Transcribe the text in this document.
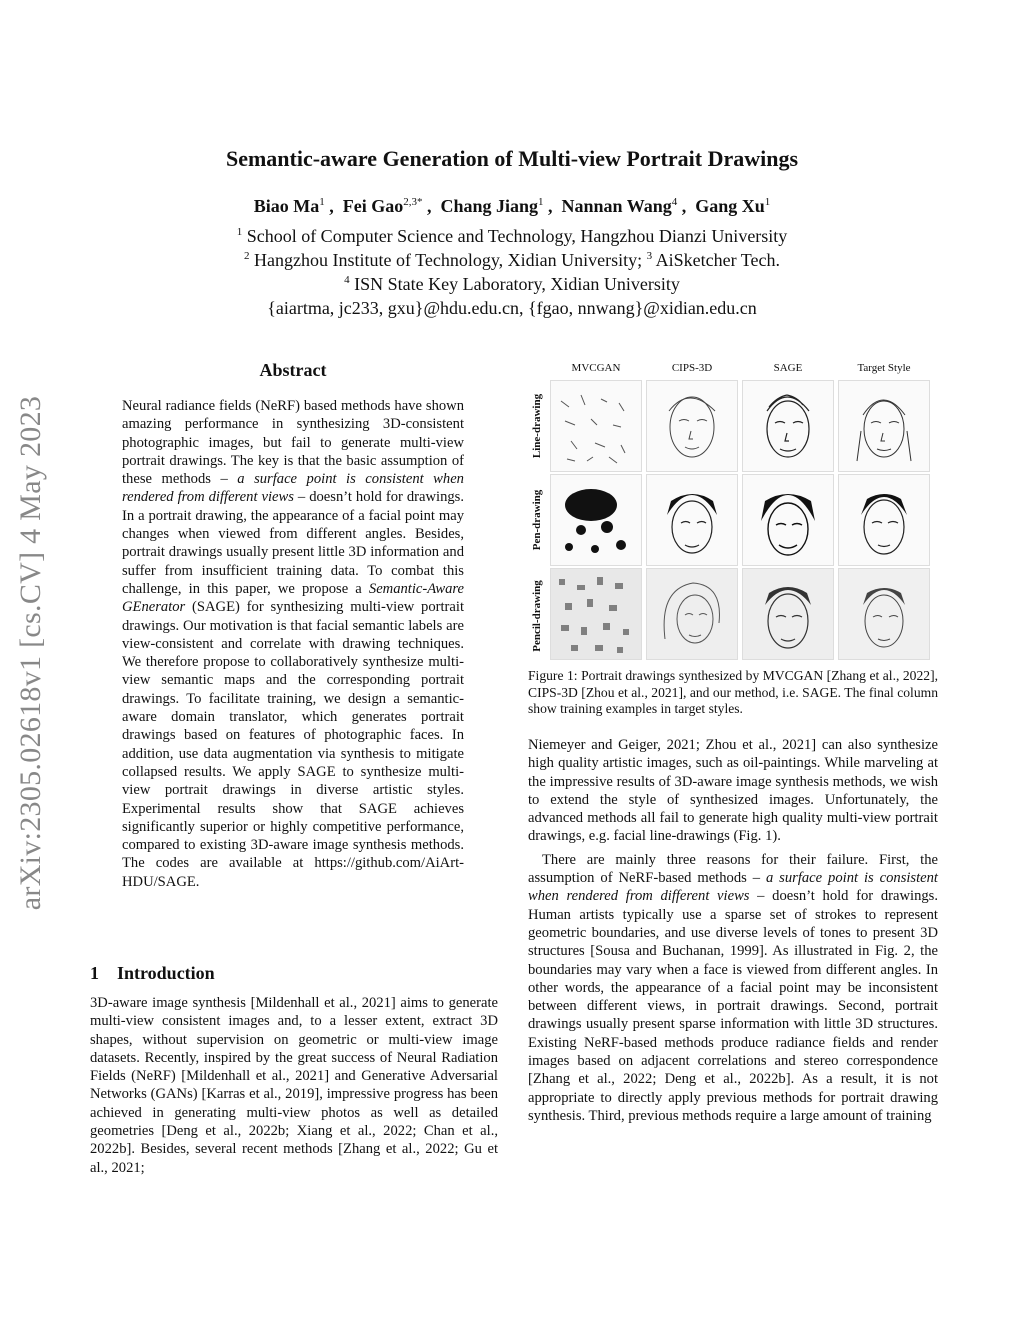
arXiv:2305.02618v1 [cs.CV] 4 May 2023
Semantic-aware Generation of Multi-view Portrait Drawings
Biao Ma$^1$ ,  Fei Gao$^{2,3*}$ ,  Chang Jiang$^1$ ,  Nannan Wang$^4$ ,  Gang Xu$^1$
$^1$ School of Computer Science and Technology, Hangzhou Dianzi University
$^2$ Hangzhou Institute of Technology, Xidian University; $^3$ AiSketcher Tech.
$^4$ ISN State Key Laboratory, Xidian University
{aiartma, jc233, gxu}@hdu.edu.cn, {fgao, nnwang}@xidian.edu.cn
Abstract

Neural radiance fields (NeRF) based methods have shown amazing performance in synthesizing 3D-consistent photographic images, but fail to generate multi-view portrait drawings. The key is that the basic assumption of these methods – a surface point is consistent when rendered from different views – doesn’t hold for drawings. In a portrait drawing, the appearance of a facial point may changes when viewed from different angles. Besides, portrait drawings usually present little 3D information and suffer from insufficient training data. To combat this challenge, in this paper, we propose a Semantic-Aware GEnerator (SAGE) for synthesizing multi-view portrait drawings. Our motivation is that facial semantic labels are view-consistent and correlate with drawing techniques. We therefore propose to collaboratively synthesize multi-view semantic maps and the corresponding portrait drawings. To facilitate training, we design a semantic-aware domain translator, which generates portrait drawings based on features of photographic faces. In addition, use data augmentation via synthesis to mitigate collapsed results. We apply SAGE to synthesize multi-view portrait drawings in diverse artistic styles. Experimental results show that SAGE achieves significantly superior or highly competitive performance, compared to existing 3D-aware image synthesis methods. The codes are available at https://github.com/AiArt-HDU/SAGE.

1 Introduction

3D-aware image synthesis [Mildenhall et al., 2021] aims to generate multi-view consistent images and, to a lesser extent, extract 3D shapes, without supervision on geometric or multi-view image datasets. Recently, inspired by the great success of Neural Radiation Fields (NeRF) [Mildenhall et al., 2021] and Generative Adversarial Networks (GANs) [Karras et al., 2019], impressive progress has been achieved in generating multi-view photos as well as detailed geometries [Deng et al., 2022b; Xiang et al., 2022; Chan et al., 2022b]. Besides, several recent methods [Zhang et al., 2022; Gu et al., 2021;

MVCGAN	CIPS-3D	SAGE	Target Style
Line-drawing
Pen-drawing
Pencil-drawing
Figure 1: Portrait drawings synthesized by MVCGAN [Zhang et al., 2022], CIPS-3D [Zhou et al., 2021], and our method, i.e. SAGE. The final column show training examples in target styles.

Niemeyer and Geiger, 2021; Zhou et al., 2021] can also synthesize high quality artistic images, such as oil-paintings. While marveling at the impressive results of 3D-aware image synthesis methods, we wish to extend the style of synthesized images. Unfortunately, the advanced methods all fail to generate high quality multi-view portrait drawings, e.g. facial line-drawings (Fig. 1).

There are mainly three reasons for their failure. First, the assumption of NeRF-based methods – a surface point is consistent when rendered from different views – doesn’t hold for drawings. Human artists typically use a sparse set of strokes to represent geometric boundaries, and use diverse levels of tones to present 3D structures [Sousa and Buchanan, 1999]. As illustrated in Fig. 2, the boundaries may vary when a face is viewed from different angles. In other words, the appearance of a facial point may be inconsistent between different views, in portrait drawings. Second, portrait drawings usually present sparse information with little 3D structures. Existing NeRF-based methods produce radiance fields and render images based on adjacent correlations and stereo correspondence [Zhang et al., 2022; Deng et al., 2022b]. As a result, it is not appropriate to directly apply previous methods for portrait drawing synthesis. Third, previous methods require a large amount of training
